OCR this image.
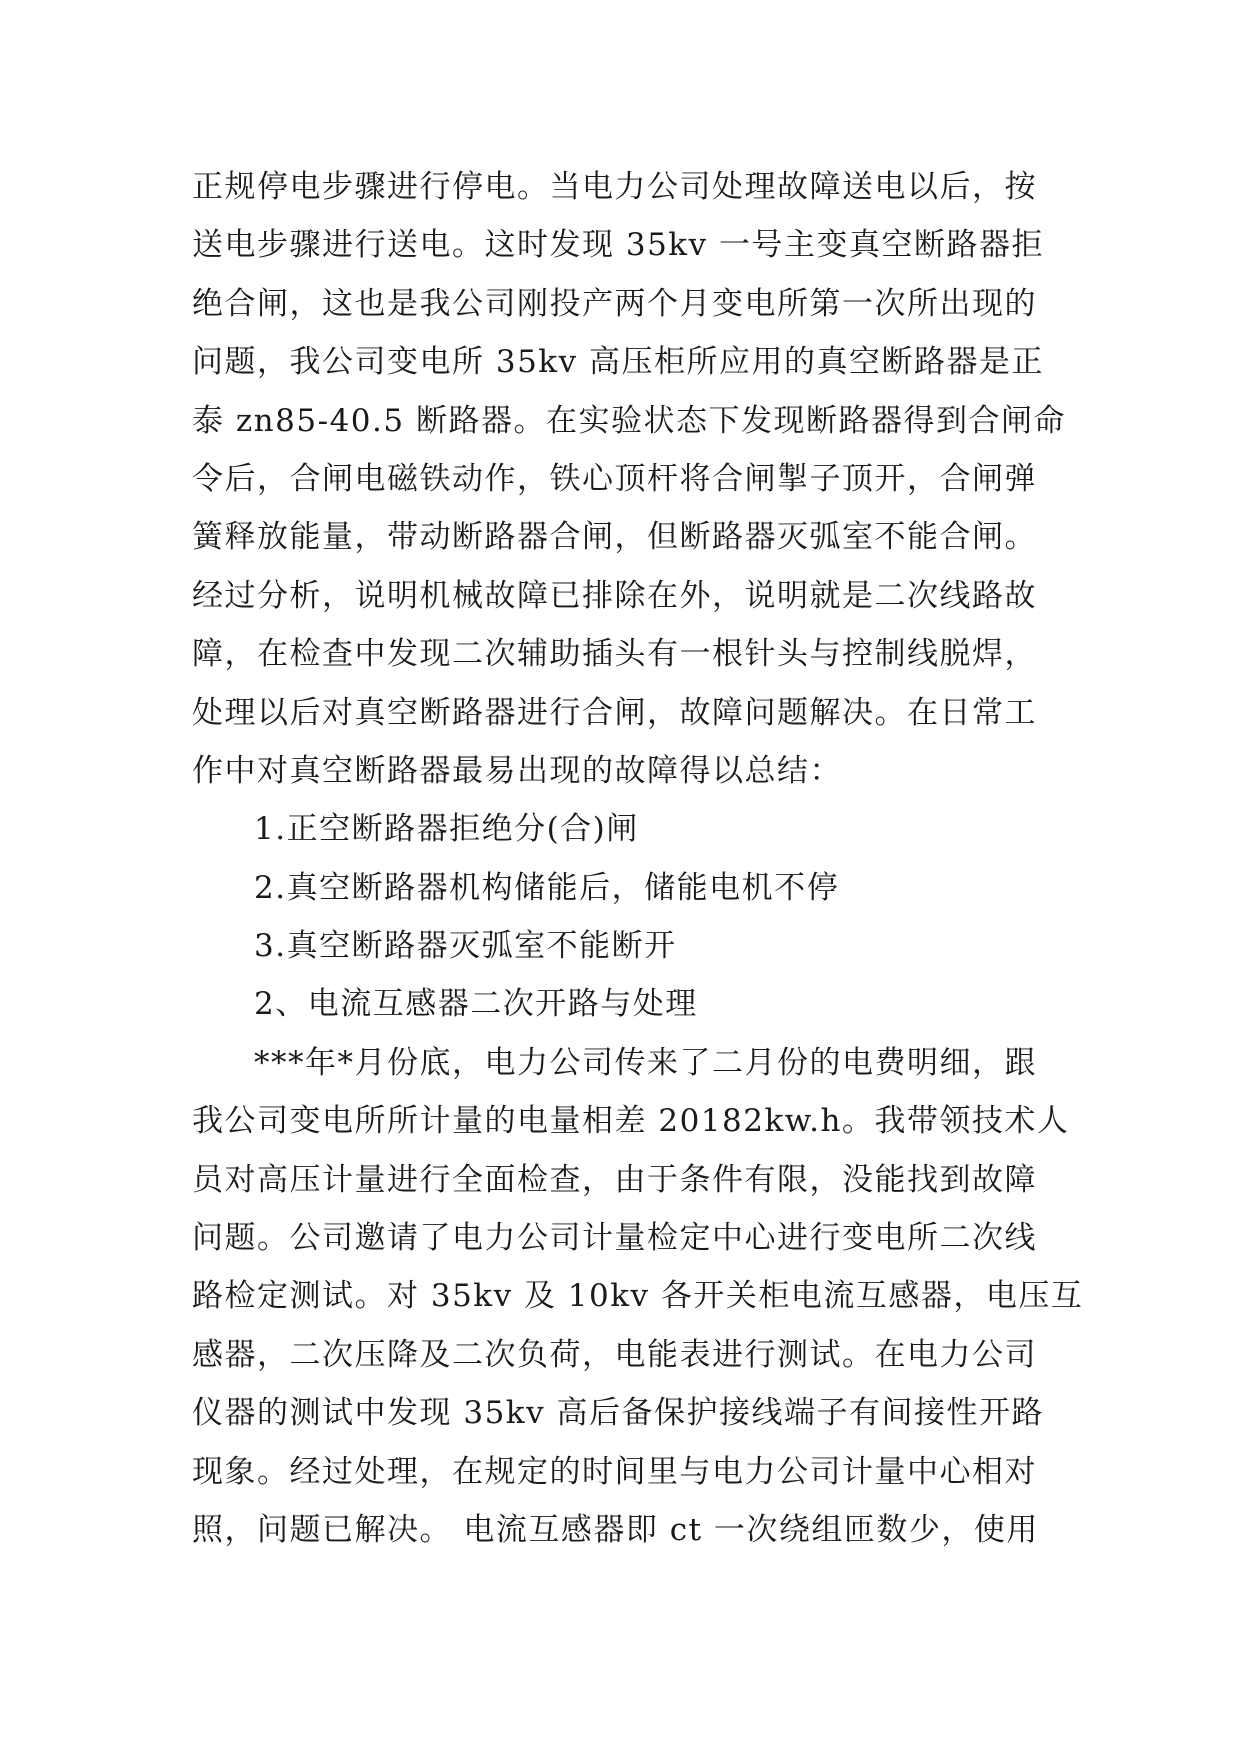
正规停电步骤进行停电。当电力公司处理故障送电以后，按
送电步骤进行送电。这时发现 35kv 一号主变真空断路器拒
绝合闸，这也是我公司刚投产两个月变电所第一次所出现的
问题，我公司变电所 35kv 高压柜所应用的真空断路器是正
泰 zn85-40.5 断路器。在实验状态下发现断路器得到合闸命
令后，合闸电磁铁动作，铁心顶杆将合闸掣子顶开，合闸弹
簧释放能量，带动断路器合闸，但断路器灭弧室不能合闸。
经过分析，说明机械故障已排除在外，说明就是二次线路故
障，在检查中发现二次辅助插头有一根针头与控制线脱焊，
处理以后对真空断路器进行合闸，故障问题解决。在日常工
作中对真空断路器最易出现的故障得以总结：
1.正空断路器拒绝分(合)闸
2.真空断路器机构储能后，储能电机不停
3.真空断路器灭弧室不能断开
2、电流互感器二次开路与处理
***年*月份底，电力公司传来了二月份的电费明细，跟
我公司变电所所计量的电量相差 20182kw.h。我带领技术人
员对高压计量进行全面检查，由于条件有限，没能找到故障
问题。公司邀请了电力公司计量检定中心进行变电所二次线
路检定测试。对 35kv 及 10kv 各开关柜电流互感器，电压互
感器，二次压降及二次负荷，电能表进行测试。在电力公司
仪器的测试中发现 35kv 高后备保护接线端子有间接性开路
现象。经过处理，在规定的时间里与电力公司计量中心相对
照，问题已解决。 电流互感器即 ct 一次绕组匝数少，使用
